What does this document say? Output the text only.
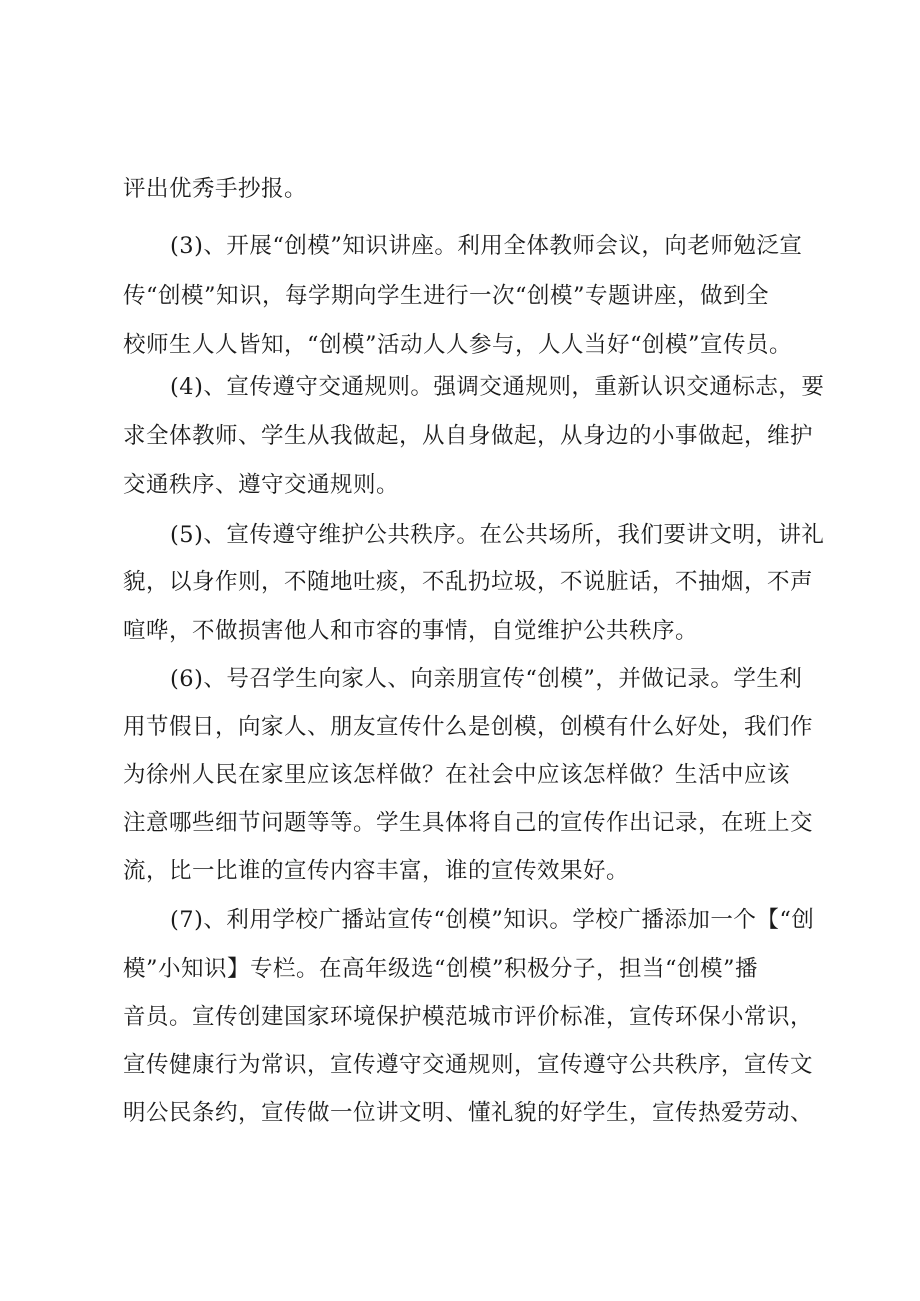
评出优秀手抄报。
(3)、开展“创模”知识讲座。利用全体教师会议，向老师勉泛宣
传“创模”知识，每学期向学生进行一次“创模”专题讲座，做到全
校师生人人皆知，“创模”活动人人参与，人人当好“创模”宣传员。
(4)、宣传遵守交通规则。强调交通规则，重新认识交通标志，要
求全体教师、学生从我做起，从自身做起，从身边的小事做起，维护
交通秩序、遵守交通规则。
(5)、宣传遵守维护公共秩序。在公共场所，我们要讲文明，讲礼
貌，以身作则，不随地吐痰，不乱扔垃圾，不说脏话，不抽烟，不声
喧哗，不做损害他人和市容的事情，自觉维护公共秩序。
(6)、号召学生向家人、向亲朋宣传“创模”，并做记录。学生利
用节假日，向家人、朋友宣传什么是创模，创模有什么好处，我们作
为徐州人民在家里应该怎样做？在社会中应该怎样做？生活中应该
注意哪些细节问题等等。学生具体将自己的宣传作出记录，在班上交
流，比一比谁的宣传内容丰富，谁的宣传效果好。
(7)、利用学校广播站宣传“创模”知识。学校广播添加一个【“创
模”小知识】专栏。在高年级选“创模”积极分子，担当“创模”播
音员。宣传创建国家环境保护模范城市评价标准，宣传环保小常识，
宣传健康行为常识，宣传遵守交通规则，宣传遵守公共秩序，宣传文
明公民条约，宣传做一位讲文明、懂礼貌的好学生，宣传热爱劳动、
